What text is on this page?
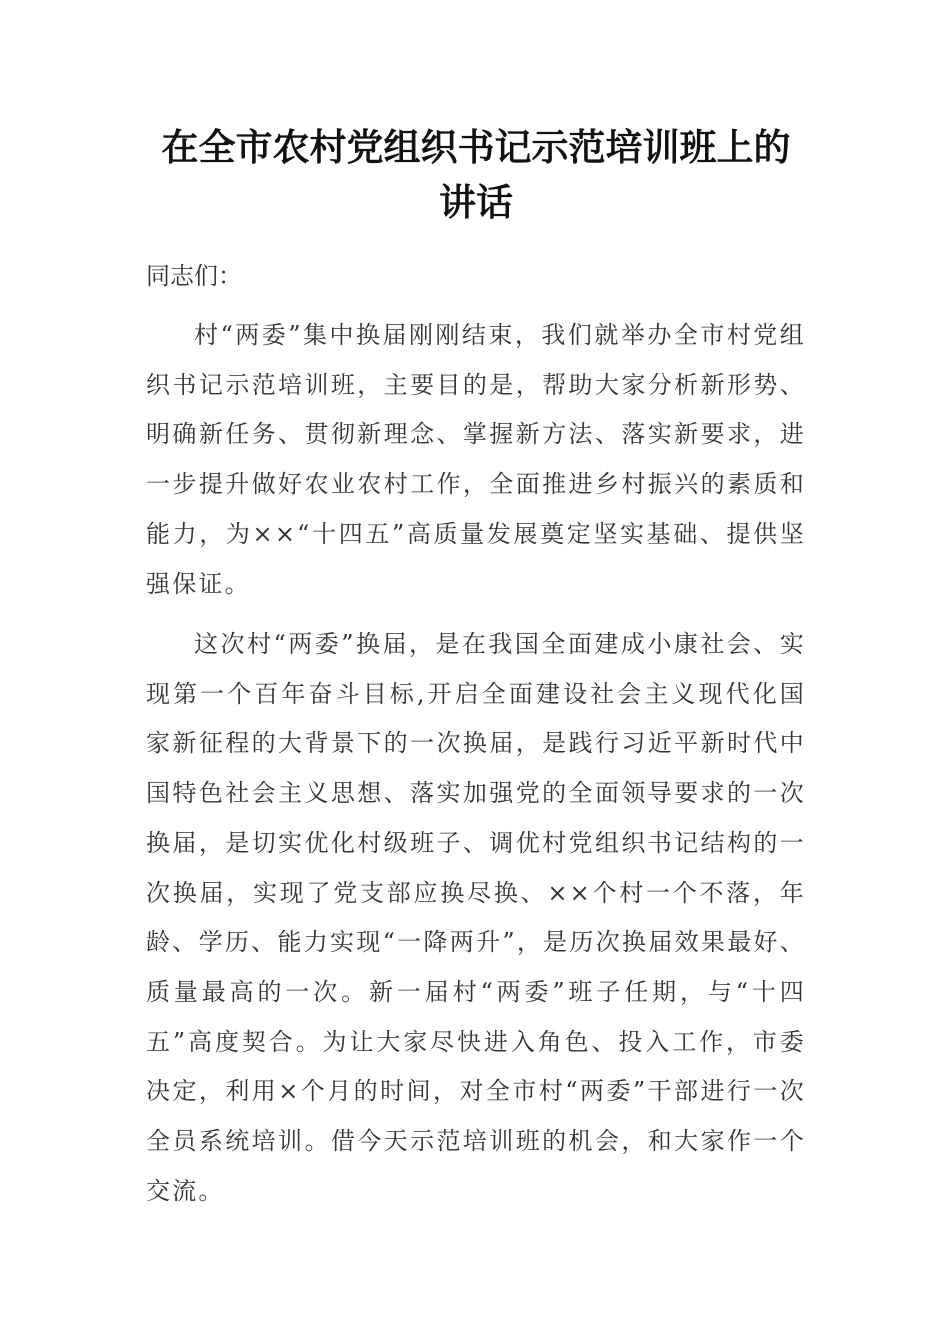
在全市农村党组织书记示范培训班上的讲话

同志们：

村“两委”集中换届刚刚结束，我们就举办全市村党组织书记示范培训班，主要目的是，帮助大家分析新形势、明确新任务、贯彻新理念、掌握新方法、落实新要求，进一步提升做好农业农村工作，全面推进乡村振兴的素质和能力，为××“十四五”高质量发展奠定坚实基础、提供坚强保证。

这次村“两委”换届，是在我国全面建成小康社会、实现第一个百年奋斗目标,开启全面建设社会主义现代化国家新征程的大背景下的一次换届，是践行习近平新时代中国特色社会主义思想、落实加强党的全面领导要求的一次换届，是切实优化村级班子、调优村党组织书记结构的一次换届，实现了党支部应换尽换、××个村一个不落，年龄、学历、能力实现“一降两升”，是历次换届效果最好、质量最高的一次。新一届村“两委”班子任期，与“十四五”高度契合。为让大家尽快进入角色、投入工作，市委决定，利用×个月的时间，对全市村“两委”干部进行一次全员系统培训。借今天示范培训班的机会，和大家作一个交流。
